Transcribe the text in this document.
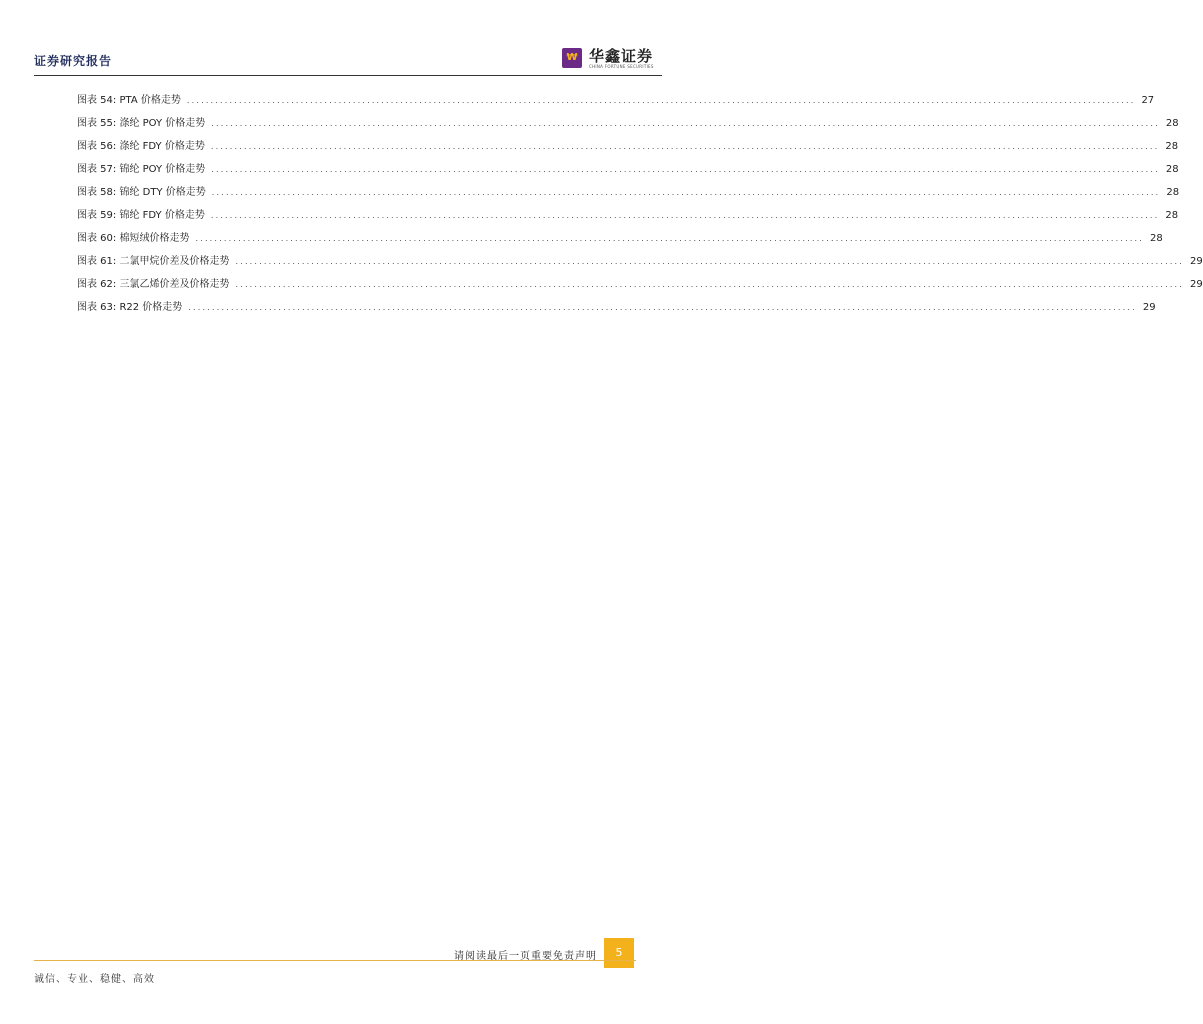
证券研究报告	₩ 华鑫证券
CHINA FORTUNE SECURITIES
图表 54: PTA 价格走势 ........................................................................................................................................................................................................ 27
图表 55: 涤纶 POY 价格走势 ........................................................................................................................................................................................................ 28
图表 56: 涤纶 FDY 价格走势 ........................................................................................................................................................................................................ 28
图表 57: 锦纶 POY 价格走势 ........................................................................................................................................................................................................ 28
图表 58: 锦纶 DTY 价格走势 ........................................................................................................................................................................................................ 28
图表 59: 锦纶 FDY 价格走势 ........................................................................................................................................................................................................ 28
图表 60: 棉短绒价格走势 ........................................................................................................................................................................................................ 28
图表 61: 二氯甲烷价差及价格走势 ........................................................................................................................................................................................................ 29
图表 62: 三氯乙烯价差及价格走势 ........................................................................................................................................................................................................ 29
图表 63: R22 价格走势 ........................................................................................................................................................................................................ 29
请阅读最后一页重要免责声明	5
诚信、专业、稳健、高效
